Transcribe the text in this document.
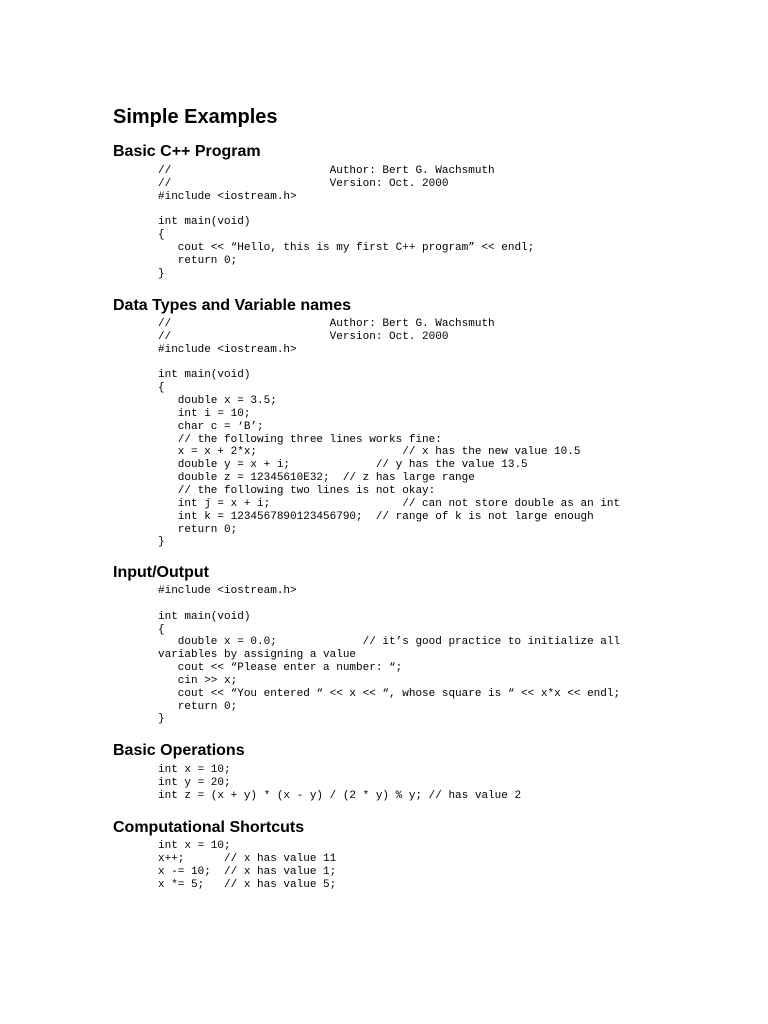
Simple Examples
Basic C++ Program
//                        Author: Bert G. Wachsmuth
//                        Version: Oct. 2000
#include <iostream.h>

int main(void)
{
cout << “Hello, this is my first C++ program” << endl;
return 0;
}
Data Types and Variable names
//                        Author: Bert G. Wachsmuth
//                        Version: Oct. 2000
#include <iostream.h>

int main(void)
{
double x = 3.5;
int i = 10;
char c = ‘B’;
// the following three lines works fine:
x = x + 2*x;                      // x has the new value 10.5
double y = x + i;             // y has the value 13.5
double z = 12345610E32;  // z has large range
// the following two lines is not okay:
int j = x + i;                    // can not store double as an int
int k = 1234567890123456790;  // range of k is not large enough
return 0;
}
Input/Output
#include <iostream.h>

int main(void)
{
double x = 0.0;             // it’s good practice to initialize all
variables by assigning a value
cout << “Please enter a number: “;
cin >> x;
cout << “You entered “ << x << “, whose square is “ << x*x << endl;
return 0;
}
Basic Operations
int x = 10;
int y = 20;
int z = (x + y) * (x - y) / (2 * y) % y; // has value 2
Computational Shortcuts
int x = 10;
x++;      // x has value 11
x -= 10;  // x has value 1;
x *= 5;   // x has value 5;
